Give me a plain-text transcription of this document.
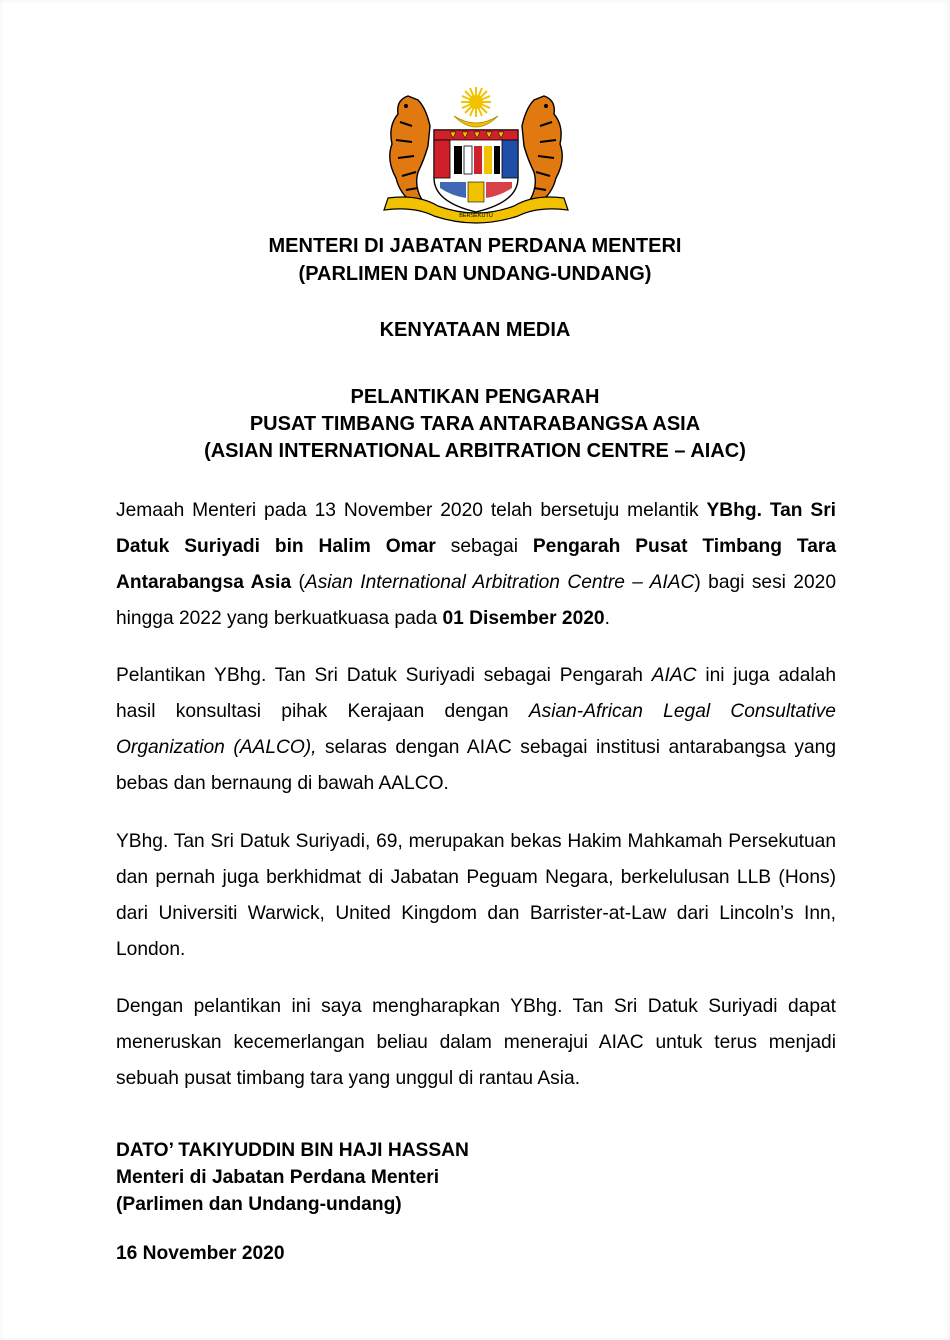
BERSEKUTU
MENTERI DI JABATAN PERDANA MENTERI
(PARLIMEN DAN UNDANG-UNDANG)
KENYATAAN MEDIA
PELANTIKAN PENGARAH
PUSAT TIMBANG TARA ANTARABANGSA ASIA
(ASIAN INTERNATIONAL ARBITRATION CENTRE – AIAC)

Jemaah Menteri pada 13 November 2020 telah bersetuju melantik YBhg. Tan Sri Datuk Suriyadi bin Halim Omar sebagai Pengarah Pusat Timbang Tara Antarabangsa Asia (Asian International Arbitration Centre – AIAC) bagi sesi 2020 hingga 2022 yang berkuatkuasa pada 01 Disember 2020.

Pelantikan YBhg. Tan Sri Datuk Suriyadi sebagai Pengarah AIAC ini juga adalah hasil konsultasi pihak Kerajaan dengan Asian-African Legal Consultative Organization (AALCO), selaras dengan AIAC sebagai institusi antarabangsa yang bebas dan bernaung di bawah AALCO.

YBhg. Tan Sri Datuk Suriyadi, 69, merupakan bekas Hakim Mahkamah Persekutuan dan pernah juga berkhidmat di Jabatan Peguam Negara, berkelulusan LLB (Hons) dari Universiti Warwick, United Kingdom dan Barrister-at-Law dari Lincoln’s Inn, London.

Dengan pelantikan ini saya mengharapkan YBhg. Tan Sri Datuk Suriyadi dapat meneruskan kecemerlangan beliau dalam menerajui AIAC untuk terus menjadi sebuah pusat timbang tara yang unggul di rantau Asia.

DATO’ TAKIYUDDIN BIN HAJI HASSAN
Menteri di Jabatan Perdana Menteri
(Parlimen dan Undang-undang)
16 November 2020
